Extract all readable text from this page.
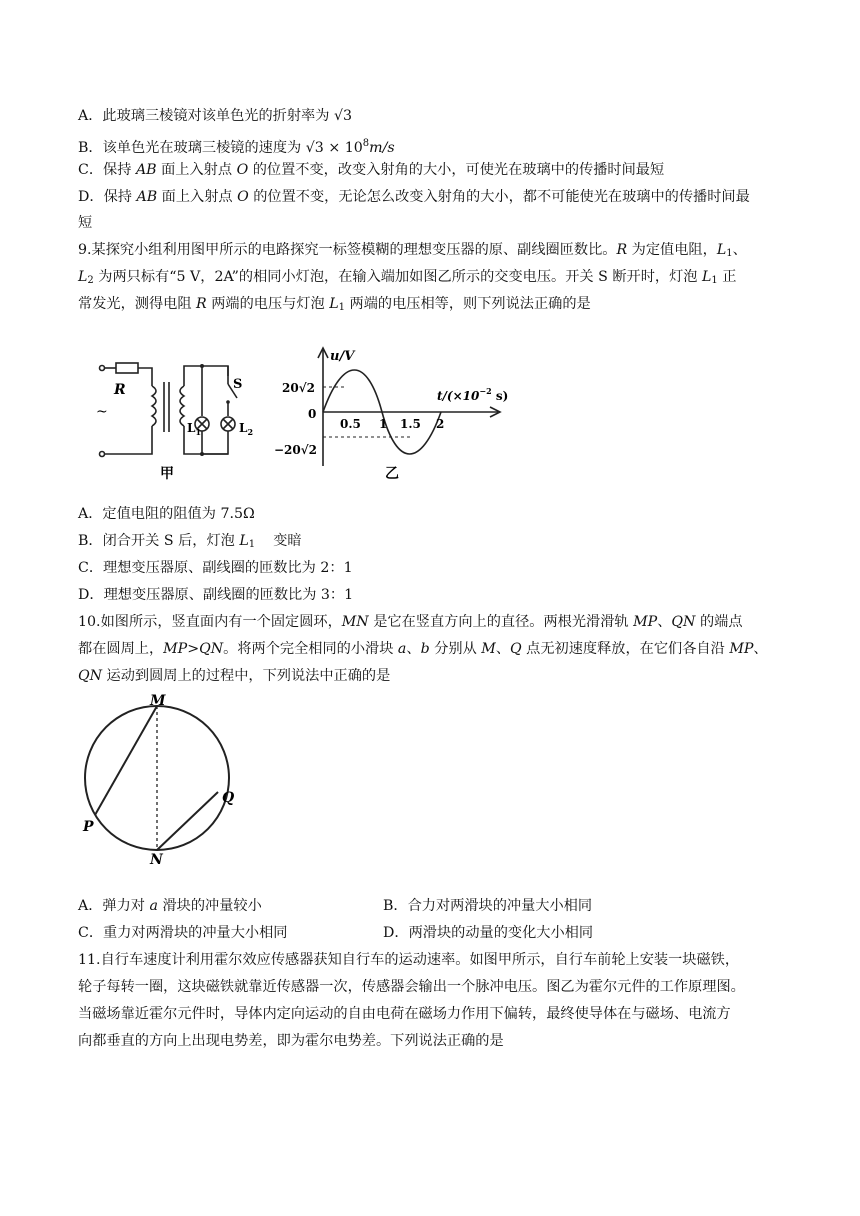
A．此玻璃三棱镜对该单色光的折射率为 √3
B．该单色光在玻璃三棱镜的速度为 $√3 \times 10^8m/s$
C．保持 AB 面上入射点 O 的位置不变，改变入射角的大小，可使光在玻璃中的传播时间最短
D．保持 AB 面上入射点 O 的位置不变，无论怎么改变入射角的大小，都不可能使光在玻璃中的传播时间最
短
9.某探究小组利用图甲所示的电路探究一标签模糊的理想变压器的原、副线圈匝数比。R 为定值电阻，$L_1$、
$L_2$ 为两只标有“5 V，2A”的相同小灯泡，在输入端加如图乙所示的交变电压。开关 S 断开时，灯泡 $L_1$ 正
常发光，测得电阻 R 两端的电压与灯泡 $L_1$ 两端的电压相等，则下列说法正确的是
R
~
S
$L_1$	$L_2$
甲
u/V
20√2
0
−20√2
0.5 1 1.5 2
$t/(\times 10^{-2}$ s)
乙
A．定值电阻的阻值为 7.5Ω
B．闭合开关 S 后，灯泡 $L_1$    变暗
C．理想变压器原、副线圈的匝数比为 2：1
D．理想变压器原、副线圈的匝数比为 3：1
10.如图所示，竖直面内有一个固定圆环，MN 是它在竖直方向上的直径。两根光滑滑轨 MP、QN 的端点
都在圆周上，MP>QN。将两个完全相同的小滑块 a、b 分别从 M、Q 点无初速度释放，在它们各自沿 MP、
QN 运动到圆周上的过程中，下列说法中正确的是
M
P
Q
N
A．弹力对 a 滑块的冲量较小	B．合力对两滑块的冲量大小相同
C．重力对两滑块的冲量大小相同	D．两滑块的动量的变化大小相同
11.自行车速度计利用霍尔效应传感器获知自行车的运动速率。如图甲所示，自行车前轮上安装一块磁铁，
轮子每转一圈，这块磁铁就靠近传感器一次，传感器会输出一个脉冲电压。图乙为霍尔元件的工作原理图。
当磁场靠近霍尔元件时，导体内定向运动的自由电荷在磁场力作用下偏转，最终使导体在与磁场、电流方
向都垂直的方向上出现电势差，即为霍尔电势差。下列说法正确的是
